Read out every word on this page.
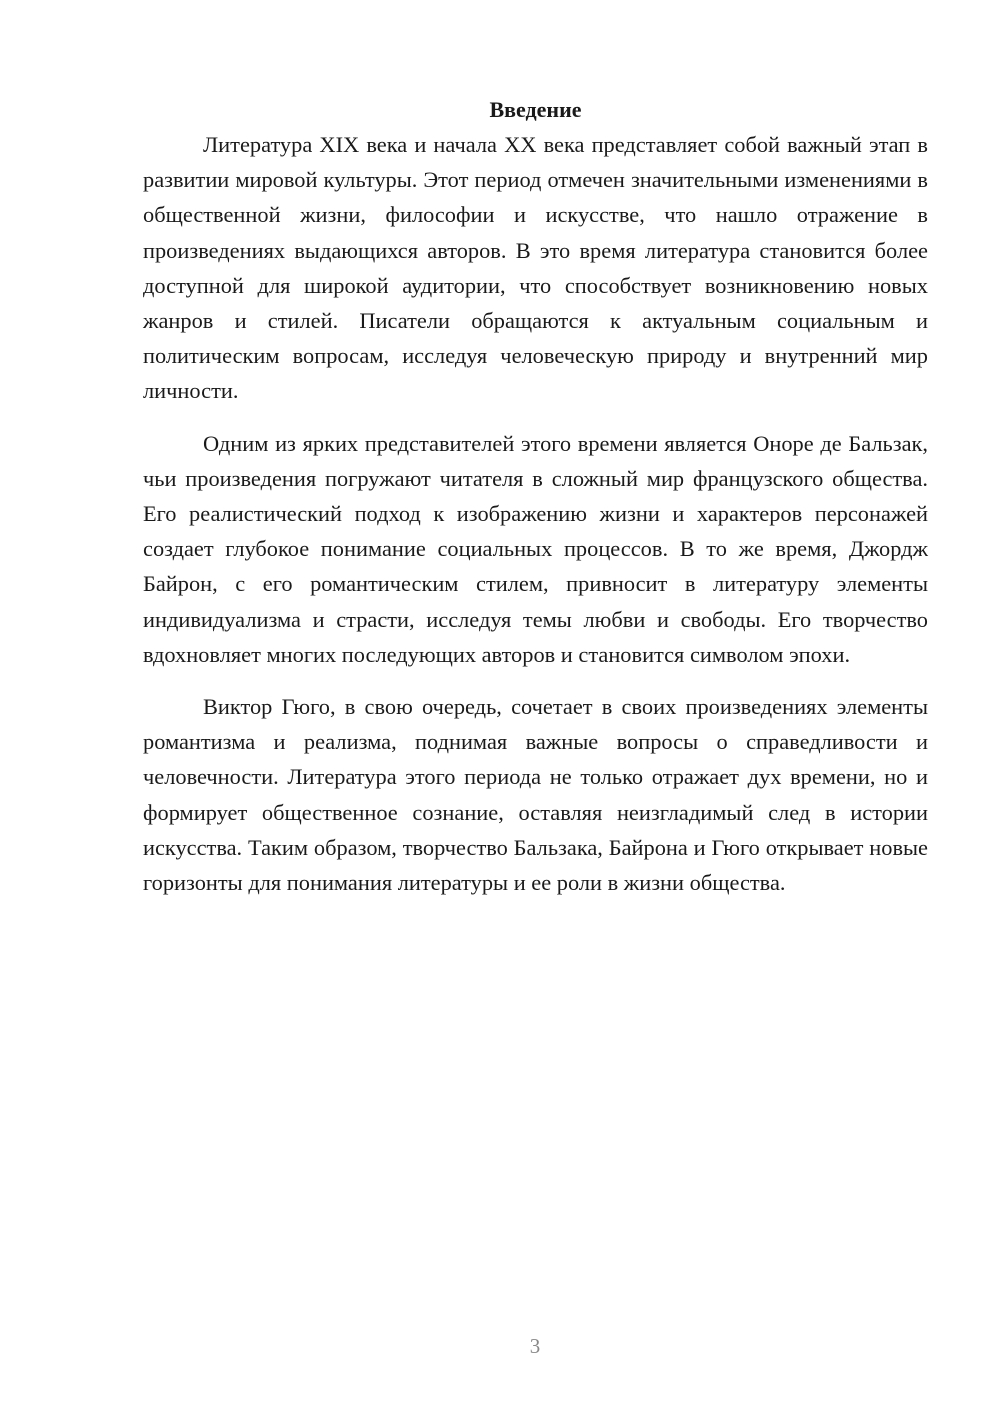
Введение

Литература XIX века и начала XX века представляет собой важный этап в развитии мировой культуры. Этот период отмечен значительными изменениями в общественной жизни, философии и искусстве, что нашло отражение в произведениях выдающихся авторов. В это время литература становится более доступной для широкой аудитории, что способствует возникновению новых жанров и стилей. Писатели обращаются к актуальным социальным и политическим вопросам, исследуя человеческую природу и внутренний мир личности.

Одним из ярких представителей этого времени является Оноре де Бальзак, чьи произведения погружают читателя в сложный мир французского общества. Его реалистический подход к изображению жизни и характеров персонажей создает глубокое понимание социальных процессов. В то же время, Джордж Байрон, с его романтическим стилем, привносит в литературу элементы индивидуализма и страсти, исследуя темы любви и свободы. Его творчество вдохновляет многих последующих авторов и становится символом эпохи.

Виктор Гюго, в свою очередь, сочетает в своих произведениях элементы романтизма и реализма, поднимая важные вопросы о справедливости и человечности. Литература этого периода не только отражает дух времени, но и формирует общественное сознание, оставляя неизгладимый след в истории искусства. Таким образом, творчество Бальзака, Байрона и Гюго открывает новые горизонты для понимания литературы и ее роли в жизни общества.

3
